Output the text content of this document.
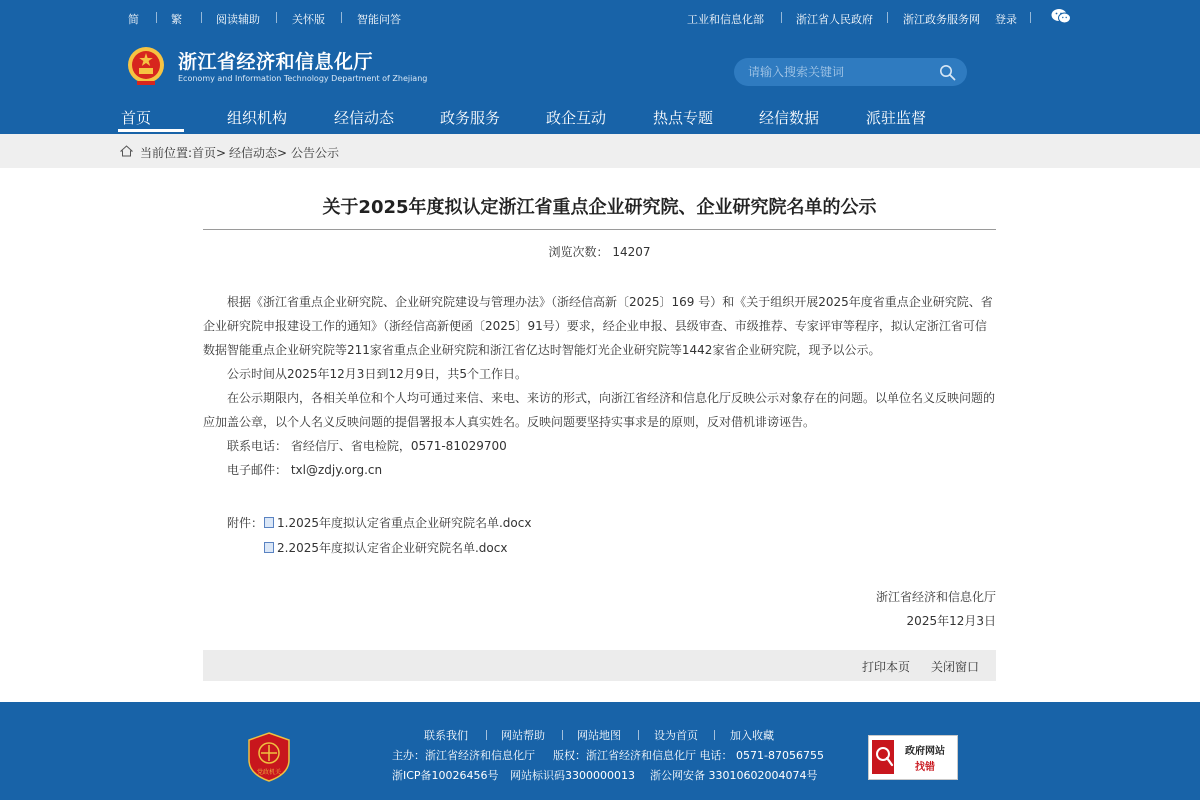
简	繁	阅读辅助	关怀版	智能问答	工业和信息化部	浙江省人民政府	浙江政务服务网 登录
浙江省经济和信息化厅
Economy and Information Technology Department of Zhejiang
请输入搜索关键词
首页	组织机构	经信动态	政务服务	政企互动	热点专题	经信数据	派驻监督
当前位置: 首页> 经信动态> 公告公示
关于2025年度拟认定浙江省重点企业研究院、企业研究院名单的公示
浏览次数： 14207

根据《浙江省重点企业研究院、企业研究院建设与管理办法》（浙经信高新〔2025〕169 号）和《关于组织开展2025年度省重点企业研究院、省企业研究院申报建设工作的通知》（浙经信高新便函〔2025〕91号）要求，经企业申报、县级审查、市级推荐、专家评审等程序，拟认定浙江省可信数据智能重点企业研究院等211家省重点企业研究院和浙江省亿达时智能灯光企业研究院等1442家省企业研究院，现予以公示。

公示时间从2025年12月3日到12月9日，共5个工作日。

在公示期限内，各相关单位和个人均可通过来信、来电、来访的形式，向浙江省经济和信息化厅反映公示对象存在的问题。以单位名义反映问题的应加盖公章，以个人名义反映问题的提倡署报本人真实姓名。反映问题要坚持实事求是的原则，反对借机诽谤诬告。

联系电话： 省经信厅、省电检院，0571-81029700

电子邮件： txl@zdjy.org.cn

附件：	1.2025年度拟认定省重点企业研究院名单.docx
2.2025年度拟认定省企业研究院名单.docx
浙江省经济和信息化厅
2025年12月3日
打印本页 关闭窗口
党政机关
联系我们	网站帮助	网站地图	设为首页	加入收藏
主办：浙江省经济和信息化厅 版权：浙江省经济和信息化厅 电话： 0571-87056755
浙ICP备10026456号 网站标识码3300000013 浙公网安备 33010602004074号
政府网站
找错
